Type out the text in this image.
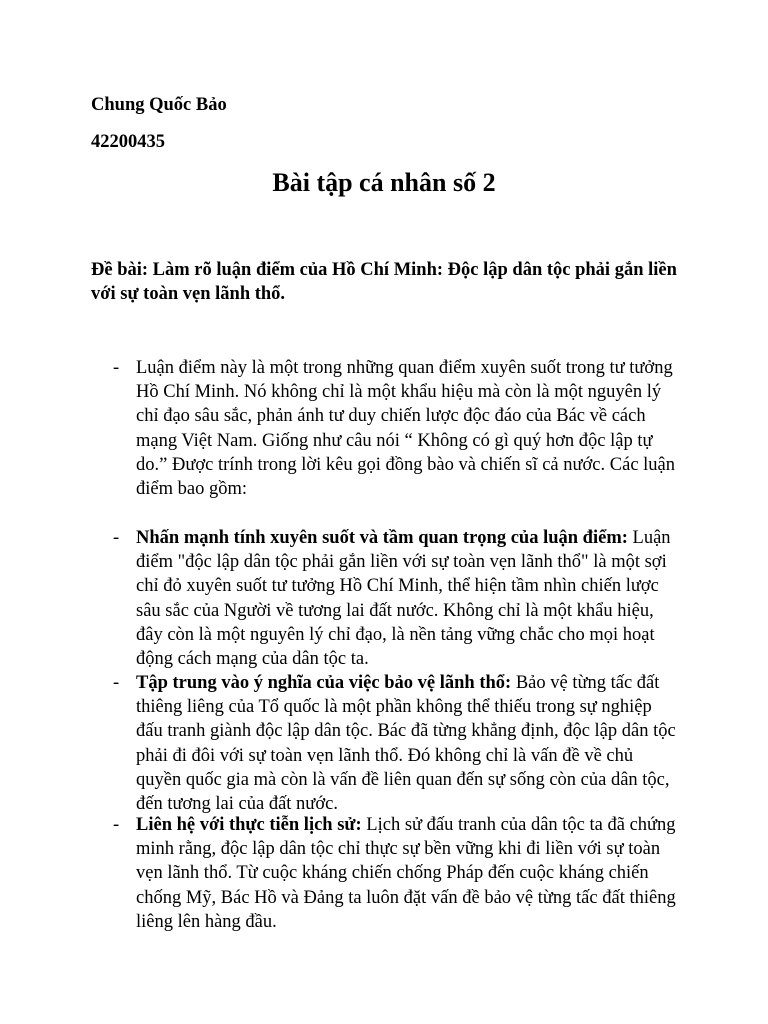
Chung Quốc Bảo
42200435
Bài tập cá nhân số 2

Đề bài: Làm rõ luận điểm của Hồ Chí Minh: Độc lập dân tộc phải gắn liền với sự toàn vẹn lãnh thổ.

- Luận điểm này là một trong những quan điểm xuyên suốt trong tư tưởng Hồ Chí Minh. Nó không chỉ là một khẩu hiệu mà còn là một nguyên lý chỉ đạo sâu sắc, phản ánh tư duy chiến lược độc đáo của Bác về cách mạng Việt Nam. Giống như câu nói “ Không có gì quý hơn độc lập tự do.” Được trính trong lời kêu gọi đồng bào và chiến sĩ cả nước. Các luận điểm bao gồm:
- Nhấn mạnh tính xuyên suốt và tầm quan trọng của luận điểm: Luận điểm "độc lập dân tộc phải gắn liền với sự toàn vẹn lãnh thổ" là một sợi chỉ đỏ xuyên suốt tư tưởng Hồ Chí Minh, thể hiện tầm nhìn chiến lược sâu sắc của Người về tương lai đất nước. Không chỉ là một khẩu hiệu, đây còn là một nguyên lý chỉ đạo, là nền tảng vững chắc cho mọi hoạt động cách mạng của dân tộc ta.
- Tập trung vào ý nghĩa của việc bảo vệ lãnh thổ: Bảo vệ từng tấc đất thiêng liêng của Tổ quốc là một phần không thể thiếu trong sự nghiệp đấu tranh giành độc lập dân tộc. Bác đã từng khẳng định, độc lập dân tộc phải đi đôi với sự toàn vẹn lãnh thổ. Đó không chỉ là vấn đề về chủ quyền quốc gia mà còn là vấn đề liên quan đến sự sống còn của dân tộc, đến tương lai của đất nước.
- Liên hệ với thực tiễn lịch sử: Lịch sử đấu tranh của dân tộc ta đã chứng minh rằng, độc lập dân tộc chỉ thực sự bền vững khi đi liền với sự toàn vẹn lãnh thổ. Từ cuộc kháng chiến chống Pháp đến cuộc kháng chiến chống Mỹ, Bác Hồ và Đảng ta luôn đặt vấn đề bảo vệ từng tấc đất thiêng liêng lên hàng đầu.
